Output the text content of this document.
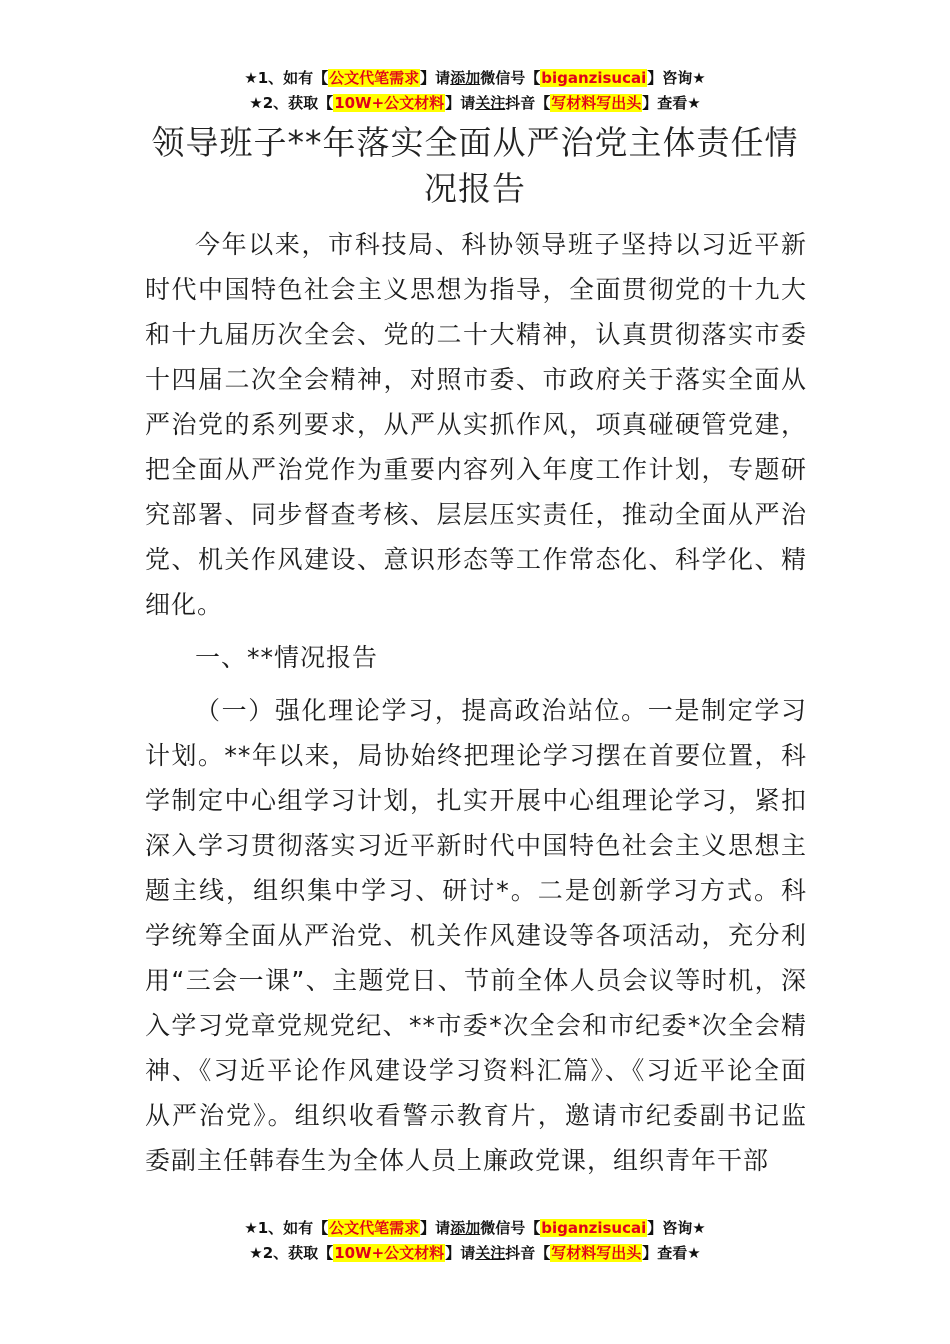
★1、如有【公文代笔需求】请添加微信号【biganzisucai】咨询★
★2、获取【10W+公文材料】请关注抖音【写材料写出头】查看★
领导班子**年落实全面从严治党主体责任情况报告

今年以来，市科技局、科协领导班子坚持以习近平新时代中国特色社会主义思想为指导，全面贯彻党的十九大和十九届历次全会、党的二十大精神，认真贯彻落实市委十四届二次全会精神，对照市委、市政府关于落实全面从严治党的系列要求，从严从实抓作风，项真碰硬管党建，把全面从严治党作为重要内容列入年度工作计划，专题研究部署、同步督查考核、层层压实责任，推动全面从严治党、机关作风建设、意识形态等工作常态化、科学化、精细化。

一、**情况报告

（一）强化理论学习，提高政治站位。一是制定学习计划。**年以来，局协始终把理论学习摆在首要位置，科学制定中心组学习计划，扎实开展中心组理论学习，紧扣深入学习贯彻落实习近平新时代中国特色社会主义思想主题主线，组织集中学习、研讨*。二是创新学习方式。科学统筹全面从严治党、机关作风建设等各项活动，充分利用“三会一课”、主题党日、节前全体人员会议等时机，深入学习党章党规党纪、**市委*次全会和市纪委*次全会精神、《习近平论作风建设学习资料汇篇》、《习近平论全面从严治党》。组织收看警示教育片，邀请市纪委副书记监委副主任韩春生为全体人员上廉政党课，组织青年干部

★1、如有【公文代笔需求】请添加微信号【biganzisucai】咨询★
★2、获取【10W+公文材料】请关注抖音【写材料写出头】查看★
